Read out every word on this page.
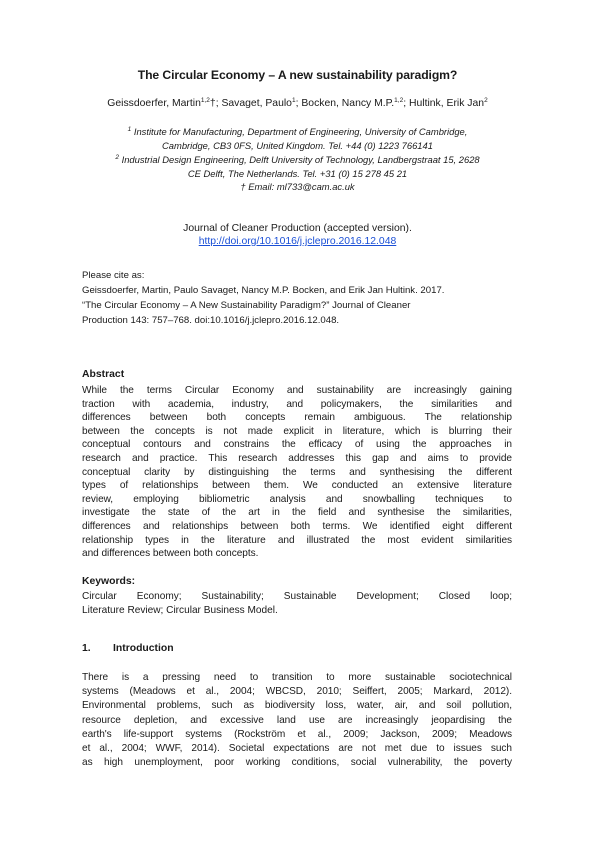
The Circular Economy – A new sustainability paradigm?
Geissdoerfer, Martin$^{1,2}$†; Savaget, Paulo$^1$; Bocken, Nancy M.P.$^{1,2}$; Hultink, Erik Jan$^2$
$^1$ Institute for Manufacturing, Department of Engineering, University of Cambridge,
Cambridge, CB3 0FS, United Kingdom. Tel. +44 (0) 1223 766141
$^2$ Industrial Design Engineering, Delft University of Technology, Landbergstraat 15, 2628
CE Delft, The Netherlands. Tel. +31 (0) 15 278 45 21
† Email: ml733@cam.ac.uk
Journal of Cleaner Production (accepted version).
http://doi.org/10.1016/j.jclepro.2016.12.048
Please cite as:
Geissdoerfer, Martin, Paulo Savaget, Nancy M.P. Bocken, and Erik Jan Hultink. 2017.
“The Circular Economy – A New Sustainability Paradigm?” Journal of Cleaner
Production 143: 757–768. doi:10.1016/j.jclepro.2016.12.048.
Abstract
While the terms Circular Economy and sustainability are increasingly gaining
traction with academia, industry, and policymakers, the similarities and
differences between both concepts remain ambiguous. The relationship
between the concepts is not made explicit in literature, which is blurring their
conceptual contours and constrains the efficacy of using the approaches in
research and practice. This research addresses this gap and aims to provide
conceptual clarity by distinguishing the terms and synthesising the different
types of relationships between them. We conducted an extensive literature
review, employing bibliometric analysis and snowballing techniques to
investigate the state of the art in the field and synthesise the similarities,
differences and relationships between both terms. We identified eight different
relationship types in the literature and illustrated the most evident similarities
and differences between both concepts.
Keywords:
Circular Economy; Sustainability; Sustainable Development; Closed loop;
Literature Review; Circular Business Model.
1. Introduction
There is a pressing need to transition to more sustainable sociotechnical
systems (Meadows et al., 2004; WBCSD, 2010; Seiffert, 2005; Markard, 2012).
Environmental problems, such as biodiversity loss, water, air, and soil pollution,
resource depletion, and excessive land use are increasingly jeopardising the
earth's life-support systems (Rockström et al., 2009; Jackson, 2009; Meadows
et al., 2004; WWF, 2014). Societal expectations are not met due to issues such
as high unemployment, poor working conditions, social vulnerability, the poverty
